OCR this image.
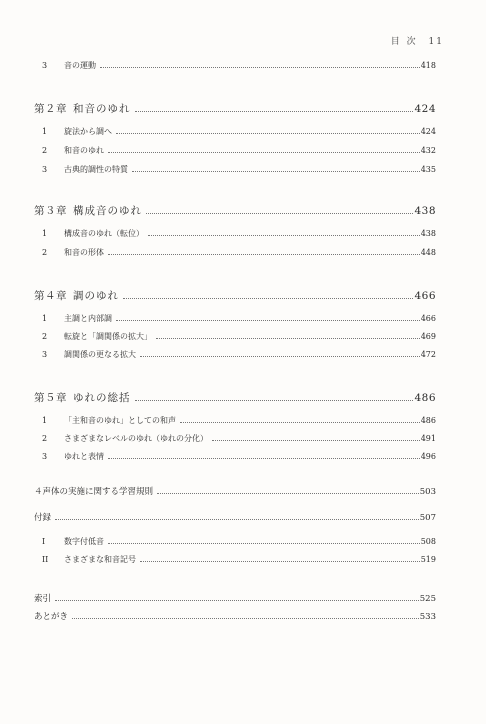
目 次 11
3	音の運動	418
第２章 和音のゆれ	424
1	旋法から調へ	424
2	和音のゆれ	432
3	古典的調性の特質	435
第３章 構成音のゆれ	438
1	構成音のゆれ（転位）	438
2	和音の形体	448
第４章 調のゆれ	466
1	主調と内部調	466
2	転旋と「調関係の拡大」	469
3	調関係の更なる拡大	472
第５章 ゆれの総括	486
1	「主和音のゆれ」としての和声	486
2	さまざまなレベルのゆれ（ゆれの分化）	491
3	ゆれと表情	496
４声体の実施に関する学習規則	503
付録	507
I	数字付低音	508
II	さまざまな和音記号	519
索引	525
あとがき	533
